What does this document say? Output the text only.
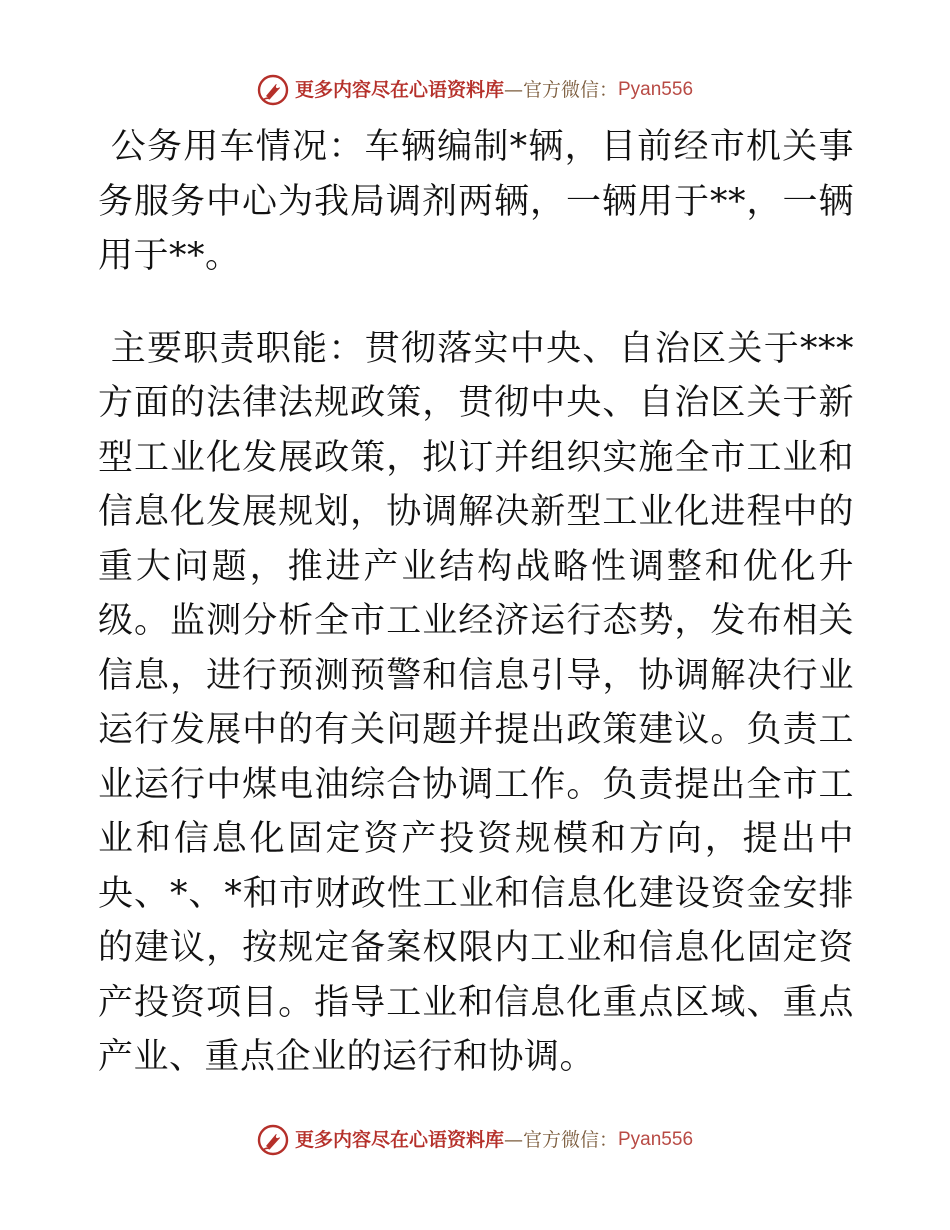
更多内容尽在心语资料库 —官方微信： Pyan556

公务用车情况：车辆编制*辆，目前经市机关事务服务中心为我局调剂两辆，一辆用于**，一辆用于**。

主要职责职能：贯彻落实中央、自治区关于***方面的法律法规政策，贯彻中央、自治区关于新型工业化发展政策，拟订并组织实施全市工业和信息化发展规划，协调解决新型工业化进程中的重大问题，推进产业结构战略性调整和优化升级。监测分析全市工业经济运行态势，发布相关信息，进行预测预警和信息引导，协调解决行业运行发展中的有关问题并提出政策建议。负责工业运行中煤电油综合协调工作。负责提出全市工业和信息化固定资产投资规模和方向，提出中央、*、*和市财政性工业和信息化建设资金安排的建议，按规定备案权限内工业和信息化固定资产投资项目。指导工业和信息化重点区域、重点产业、重点企业的运行和协调。

更多内容尽在心语资料库 —官方微信： Pyan556
